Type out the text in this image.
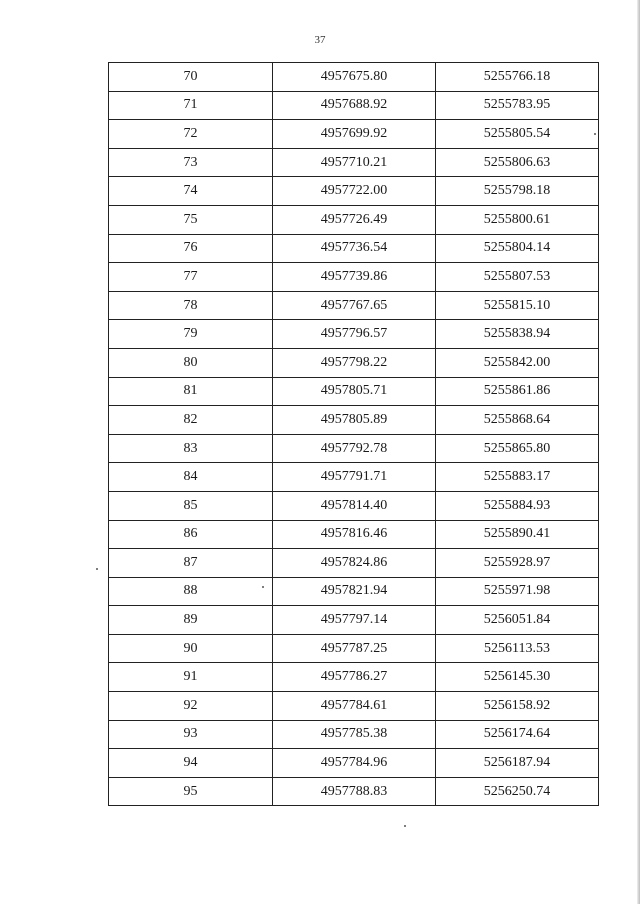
37
70	4957675.80	5255766.18
71	4957688.92	5255783.95
72	4957699.92	5255805.54
73	4957710.21	5255806.63
74	4957722.00	5255798.18
75	4957726.49	5255800.61
76	4957736.54	5255804.14
77	4957739.86	5255807.53
78	4957767.65	5255815.10
79	4957796.57	5255838.94
80	4957798.22	5255842.00
81	4957805.71	5255861.86
82	4957805.89	5255868.64
83	4957792.78	5255865.80
84	4957791.71	5255883.17
85	4957814.40	5255884.93
86	4957816.46	5255890.41
87	4957824.86	5255928.97
88	4957821.94	5255971.98
89	4957797.14	5256051.84
90	4957787.25	5256113.53
91	4957786.27	5256145.30
92	4957784.61	5256158.92
93	4957785.38	5256174.64
94	4957784.96	5256187.94
95	4957788.83	5256250.74
